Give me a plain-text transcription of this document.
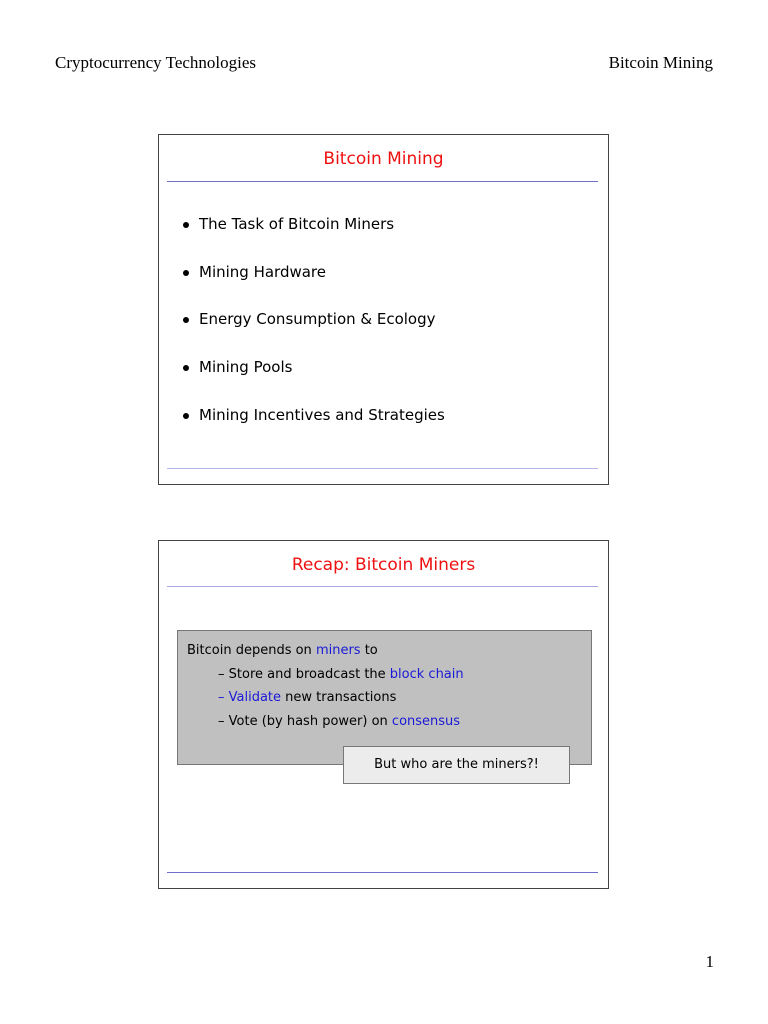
Cryptocurrency Technologies	Bitcoin Mining
Bitcoin Mining
The Task of Bitcoin Miners
Mining Hardware
Energy Consumption & Ecology
Mining Pools
Mining Incentives and Strategies
Recap: Bitcoin Miners
Bitcoin depends on miners to
– Store and broadcast the block chain
– Validate new transactions
– Vote (by hash power) on consensus
But who are the miners?!
1
